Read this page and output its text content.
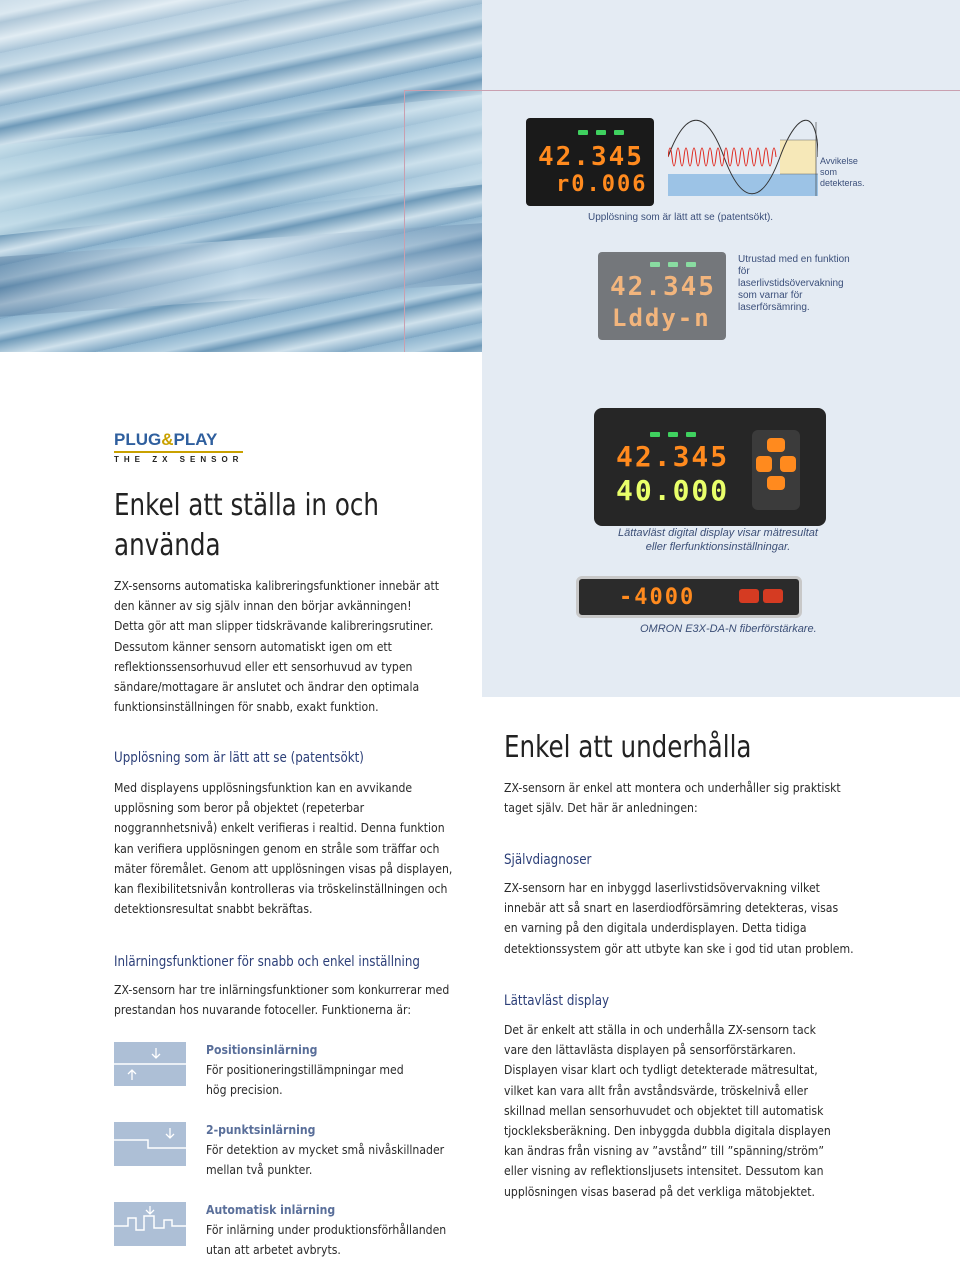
42.345
r0.006
Avvikelse som detekteras.
Upplösning som är lätt att se (patentsökt).
42.345
Lddy-n
Utrustad med en funktion för laserlivstidsövervakning som varnar för laserförsämring.
42.345
40.000
Lättavläst digital display visar mätresultat eller flerfunktionsinställningar.
-4000
OMRON E3X-DA-N fiberförstärkare.
PLUG&PLAY
THE ZX SENSOR
Enkel att ställa in och
använda

ZX-sensorns automatiska kalibreringsfunktioner innebär att

den känner av sig själv innan den börjar avkänningen!

Detta gör att man slipper tidskrävande kalibreringsrutiner.

Dessutom känner sensorn automatiskt igen om ett

reflektionssensorhuvud eller ett sensorhuvud av typen

sändare/mottagare är anslutet och ändrar den optimala

funktionsinställningen för snabb, exakt funktion.

Upplösning som är lätt att se (patentsökt)

Med displayens upplösningsfunktion kan en avvikande

upplösning som beror på objektet (repeterbar

noggrannhetsnivå) enkelt verifieras i realtid. Denna funktion

kan verifiera upplösningen genom en stråle som träffar och

mäter föremålet. Genom att upplösningen visas på displayen,

kan flexibilitetsnivån kontrolleras via tröskelinställningen och

detektionsresultat snabbt bekräftas.

Inlärningsfunktioner för snabb och enkel inställning

ZX-sensorn har tre inlärningsfunktioner som konkurrerar med

prestandan hos nuvarande fotoceller. Funktionerna är:

Positionsinlärning

För positioneringstillämpningar med

hög precision.

2-punktsinlärning

För detektion av mycket små nivåskillnader

mellan två punkter.

Automatisk inlärning

För inlärning under produktionsförhållanden

utan att arbetet avbryts.

Enkel att underhålla

ZX-sensorn är enkel att montera och underhåller sig praktiskt

taget själv. Det här är anledningen:

Självdiagnoser

ZX-sensorn har en inbyggd laserlivstidsövervakning vilket

innebär att så snart en laserdiodförsämring detekteras, visas

en varning på den digitala underdisplayen. Detta tidiga

detektionssystem gör att utbyte kan ske i god tid utan problem.

Lättavläst display

Det är enkelt att ställa in och underhålla ZX-sensorn tack

vare den lättavlästa displayen på sensorförstärkaren.

Displayen visar klart och tydligt detekterade mätresultat,

vilket kan vara allt från avståndsvärde, tröskelnivå eller

skillnad mellan sensorhuvudet och objektet till automatisk

tjockleksberäkning. Den inbyggda dubbla digitala displayen

kan ändras från visning av ”avstånd” till ”spänning/ström”

eller visning av reflektionsljusets intensitet. Dessutom kan

upplösningen visas baserad på det verkliga mätobjektet.
